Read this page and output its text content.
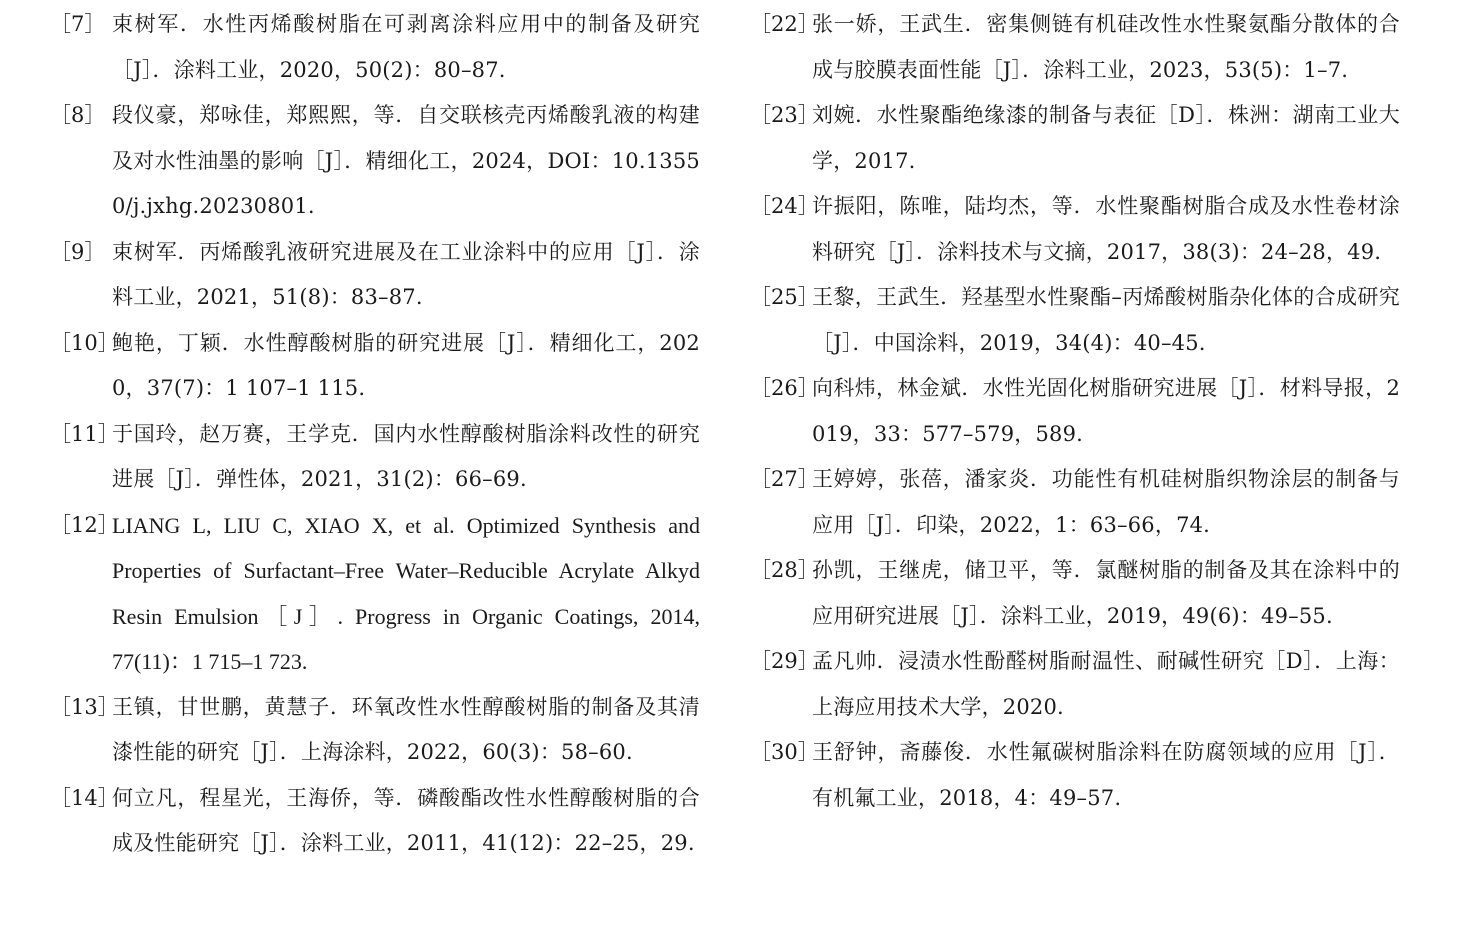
［7］ 束树军．水性丙烯酸树脂在可剥离涂料应用中的制备及研究［J］．涂料工业，2020，50(2)：80–87.
［8］ 段仪豪，郑咏佳，郑熙熙，等．自交联核壳丙烯酸乳液的构建及对水性油墨的影响［J］．精细化工，2024，DOI：10.13550/j.jxhg.20230801.
［9］ 束树军．丙烯酸乳液研究进展及在工业涂料中的应用［J］．涂料工业，2021，51(8)：83–87.
［10］
鲍艳，丁颖．水性醇酸树脂的研究进展［J］．精细化工，2020，37(7)：1 107–1 115.
［11］
于国玲，赵万赛，王学克．国内水性醇酸树脂涂料改性的研究进展［J］．弹性体，2021，31(2)：66–69.
［12］
LIANG L, LIU C, XIAO X, et al. Optimized Synthesis and Properties of Surfactant–Free Water–Reducible Acrylate Alkyd Resin Emulsion［J］. Progress in Organic Coatings, 2014, 77(11)：1 715–1 723.
［13］
王镇，甘世鹏，黄慧子．环氧改性水性醇酸树脂的制备及其清漆性能的研究［J］．上海涂料，2022，60(3)：58–60.
［14］
何立凡，程星光，王海侨，等．磷酸酯改性水性醇酸树脂的合成及性能研究［J］．涂料工业，2011，41(12)：22–25，29.
［22］
张一娇，王武生．密集侧链有机硅改性水性聚氨酯分散体的合成与胶膜表面性能［J］．涂料工业，2023，53(5)：1–7.
［23］
刘婉．水性聚酯绝缘漆的制备与表征［D］．株洲：湖南工业大学，2017.
［24］
许振阳，陈唯，陆均杰，等．水性聚酯树脂合成及水性卷材涂料研究［J］．涂料技术与文摘，2017，38(3)：24–28，49.
［25］
王黎，王武生．羟基型水性聚酯–丙烯酸树脂杂化体的合成研究［J］．中国涂料，2019，34(4)：40–45.
［26］
向科炜，林金斌．水性光固化树脂研究进展［J］．材料导报，2019，33：577–579，589.
［27］
王婷婷，张蓓，潘家炎．功能性有机硅树脂织物涂层的制备与应用［J］．印染，2022，1：63–66，74.
［28］
孙凯，王继虎，储卫平，等．氯醚树脂的制备及其在涂料中的应用研究进展［J］．涂料工业，2019，49(6)：49–55.
［29］
孟凡帅．浸渍水性酚醛树脂耐温性、耐碱性研究［D］．上海：上海应用技术大学，2020.
［30］
王舒钟，斋藤俊．水性氟碳树脂涂料在防腐领域的应用［J］．有机氟工业，2018，4：49–57.
